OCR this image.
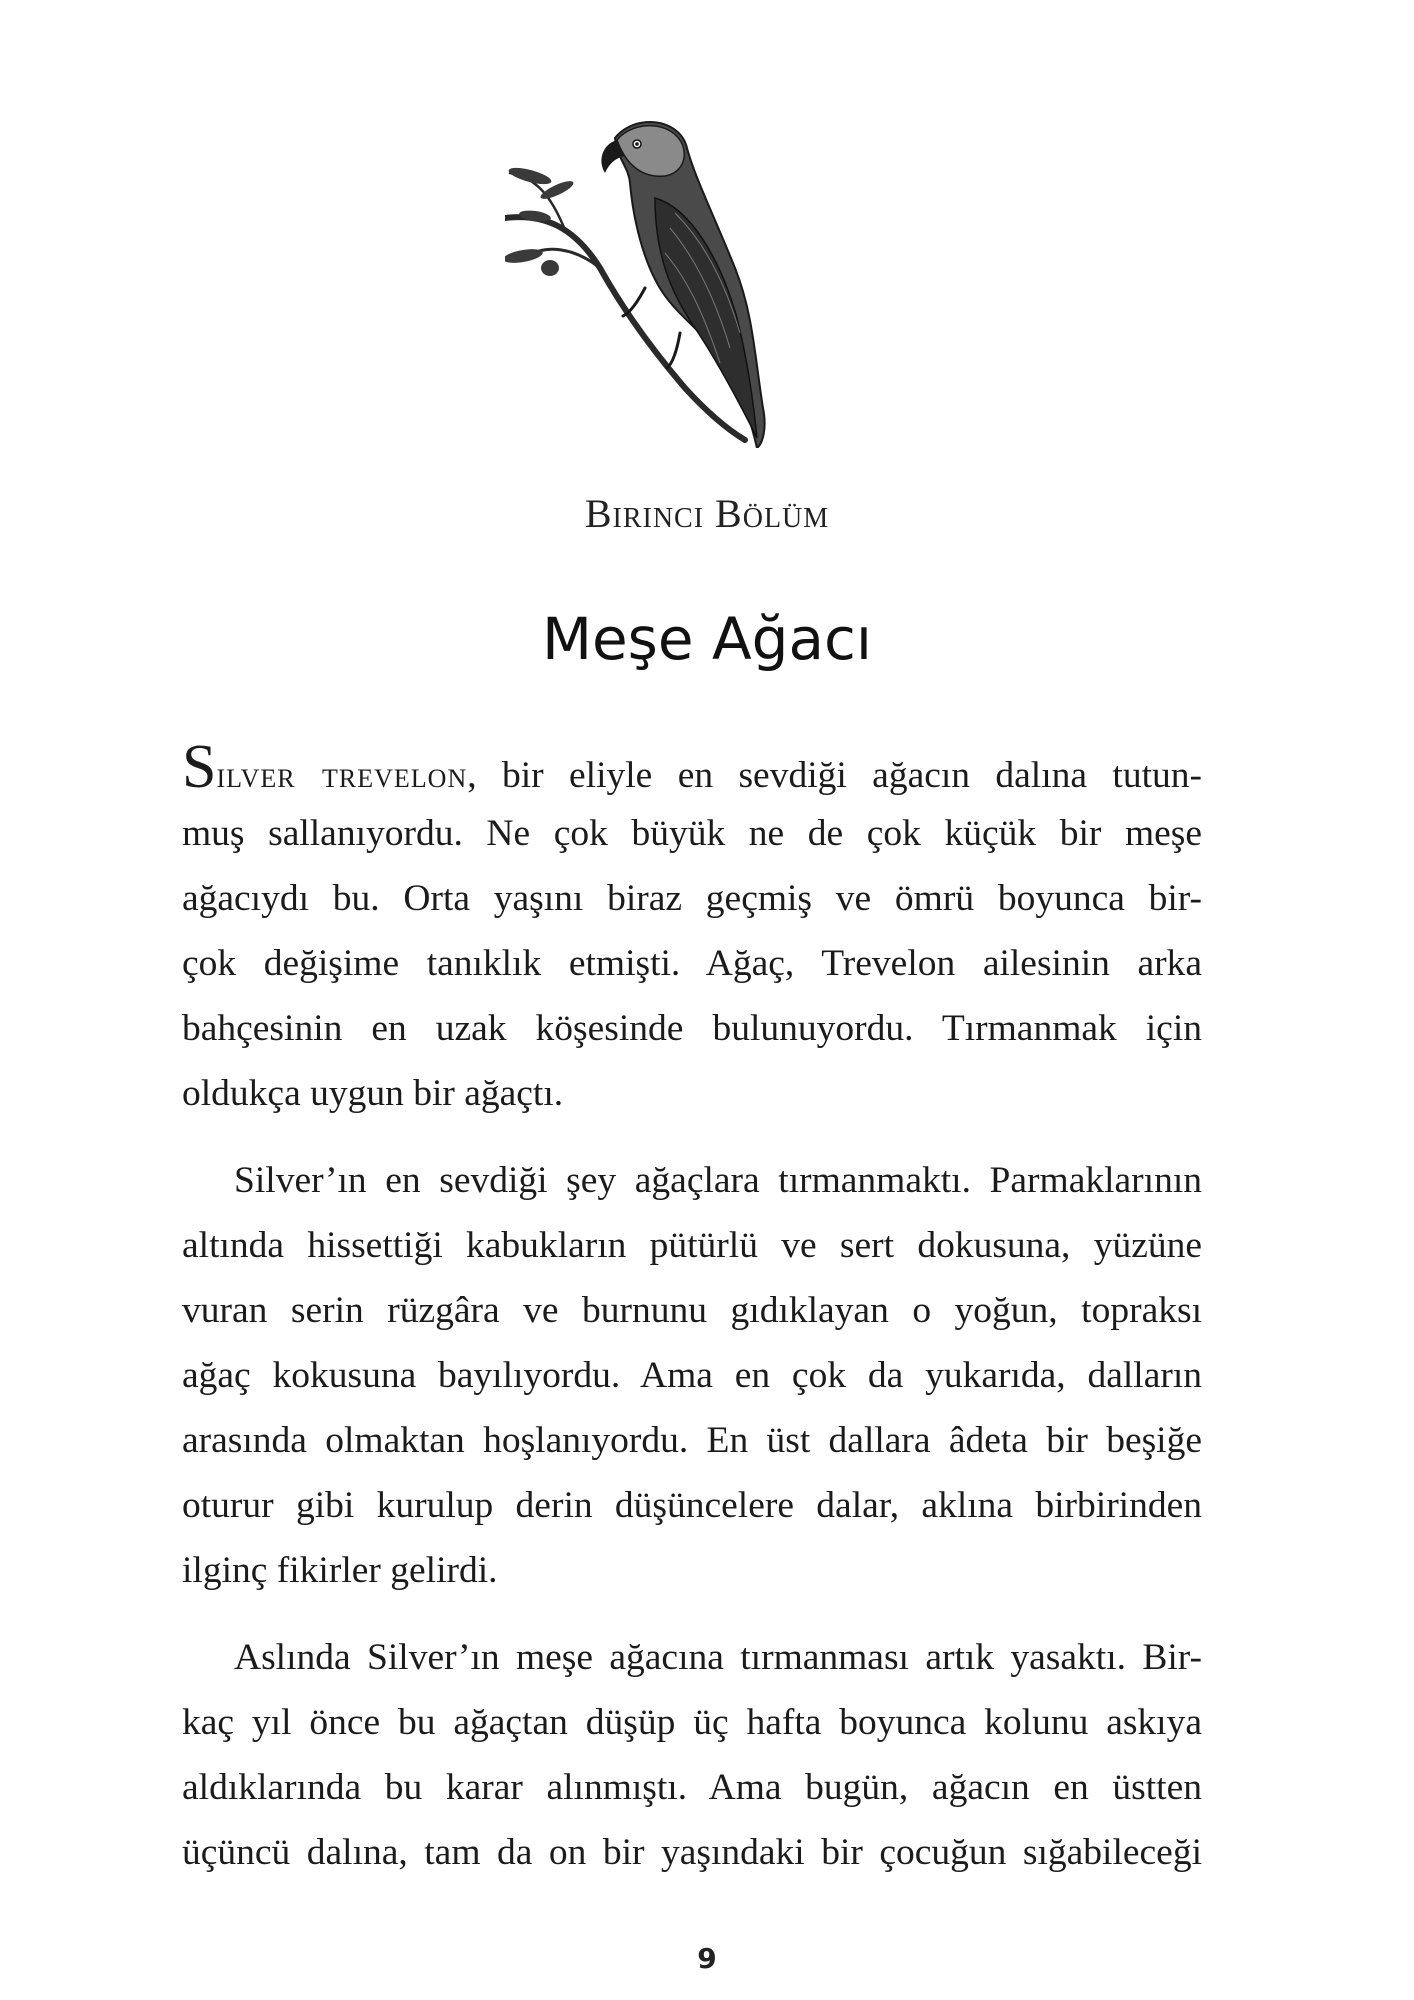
Birinci Bölüm
Meşe Ağacı
Silver trevelon, bir eliyle en sevdiği ağacın dalına tutun-
muş sallanıyordu. Ne çok büyük ne de çok küçük bir meşe
ağacıydı bu. Orta yaşını biraz geçmiş ve ömrü boyunca bir-
çok değişime tanıklık etmişti. Ağaç, Trevelon ailesinin arka
bahçesinin en uzak köşesinde bulunuyordu. Tırmanmak için
oldukça uygun bir ağaçtı.
Silver’ın en sevdiği şey ağaçlara tırmanmaktı. Parmaklarının
altında hissettiği kabukların pütürlü ve sert dokusuna, yüzüne
vuran serin rüzgâra ve burnunu gıdıklayan o yoğun, topraksı
ağaç kokusuna bayılıyordu. Ama en çok da yukarıda, dalların
arasında olmaktan hoşlanıyordu. En üst dallara âdeta bir beşiğe
oturur gibi kurulup derin düşüncelere dalar, aklına birbirinden
ilginç fikirler gelirdi.
Aslında Silver’ın meşe ağacına tırmanması artık yasaktı. Bir-
kaç yıl önce bu ağaçtan düşüp üç hafta boyunca kolunu askıya
aldıklarında bu karar alınmıştı. Ama bugün, ağacın en üstten
üçüncü dalına, tam da on bir yaşındaki bir çocuğun sığabileceği
9
